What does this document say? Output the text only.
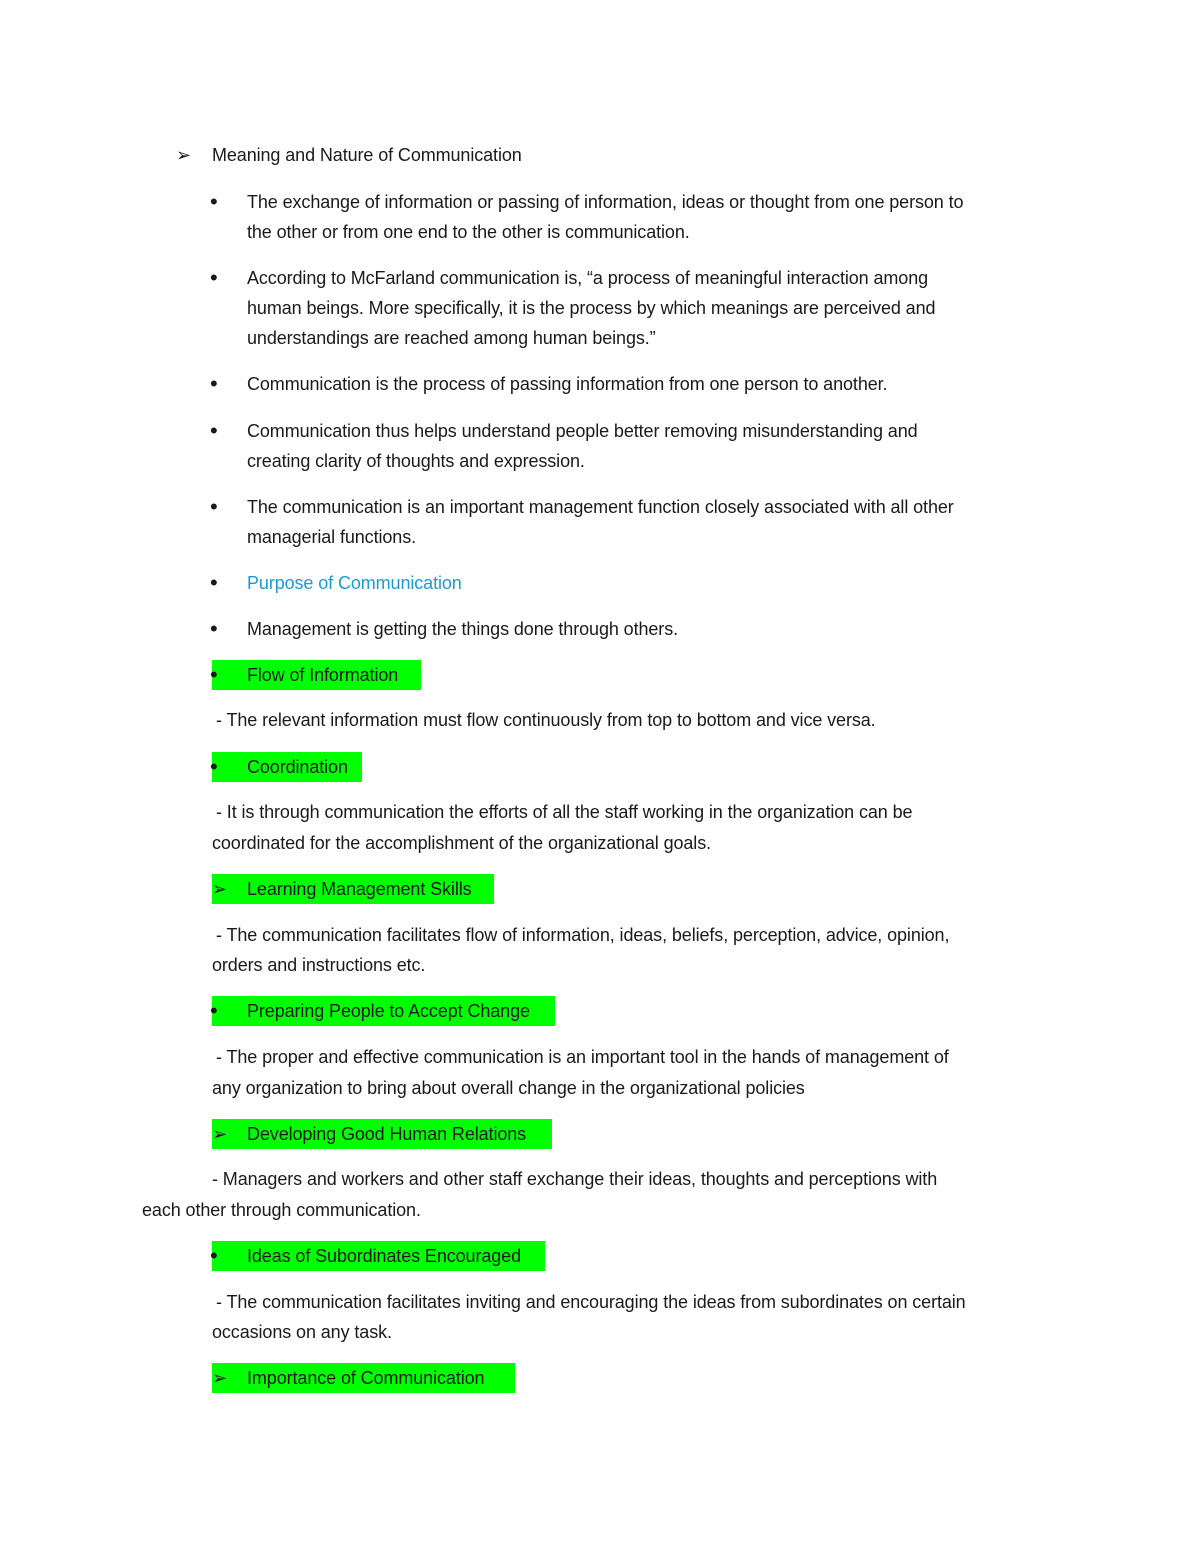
➢ Meaning and Nature of Communication
• The exchange of information or passing of information, ideas or thought from one person to
the other or from one end to the other is communication.
• According to McFarland communication is, “a process of meaningful interaction among
human beings. More specifically, it is the process by which meanings are perceived and
understandings are reached among human beings.”
• Communication is the process of passing information from one person to another.
• Communication thus helps understand people better removing misunderstanding and
creating clarity of thoughts and expression.
• The communication is an important management function closely associated with all other
managerial functions.
• Purpose of Communication
• Management is getting the things done through others.
• Flow of Information
- The relevant information must flow continuously from top to bottom and vice versa.
• Coordination
- It is through communication the efforts of all the staff working in the organization can be
coordinated for the accomplishment of the organizational goals.
➢ Learning Management Skills
- The communication facilitates flow of information, ideas, beliefs, perception, advice, opinion,
orders and instructions etc.
• Preparing People to Accept Change
- The proper and effective communication is an important tool in the hands of management of
any organization to bring about overall change in the organizational policies
➢ Developing Good Human Relations
- Managers and workers and other staff exchange their ideas, thoughts and perceptions with
each other through communication.
• Ideas of Subordinates Encouraged
- The communication facilitates inviting and encouraging the ideas from subordinates on certain
occasions on any task.
➢ Importance of Communication
